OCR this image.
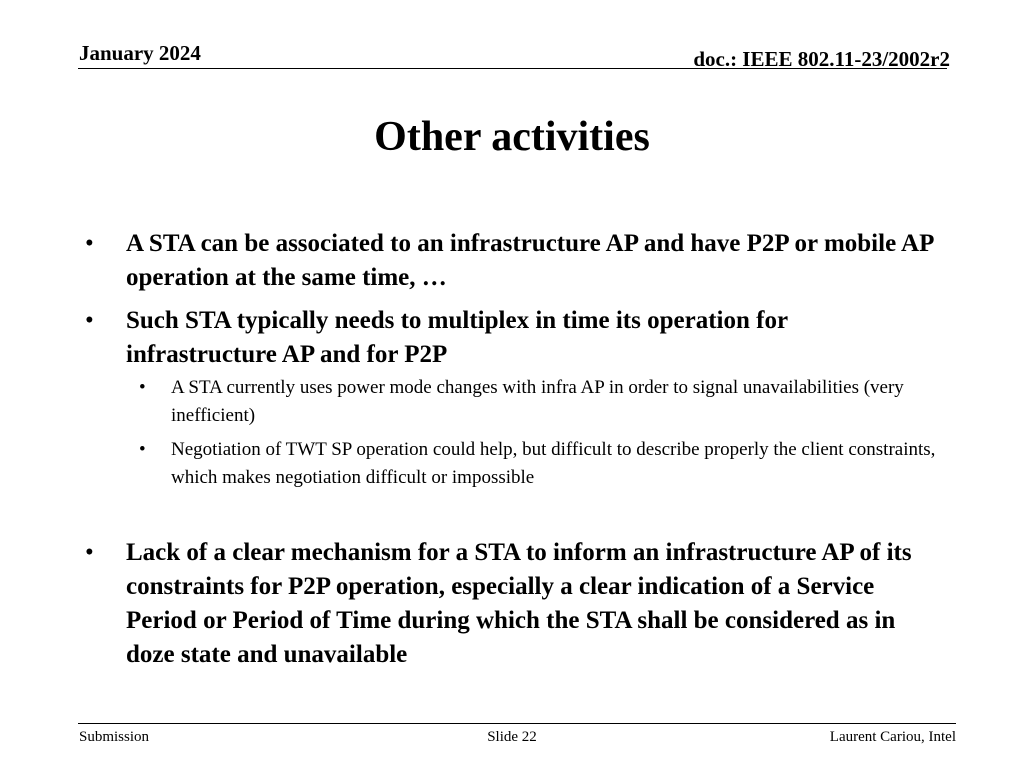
January 2024	doc.: IEEE 802.11-23/2002r2
Other activities
• A STA can be associated to an infrastructure AP and have P2P or mobile AP operation at the same time, …
• Such STA typically needs to multiplex in time its operation for infrastructure AP and for P2P
• A STA currently uses power mode changes with infra AP in order to signal unavailabilities (very inefficient)
• Negotiation of TWT SP operation could help, but difficult to describe properly the client constraints, which makes negotiation difficult or impossible
• Lack of a clear mechanism for a STA to inform an infrastructure AP of its constraints for P2P operation, especially a clear indication of a Service Period or Period of Time during which the STA shall be considered as in doze state and unavailable
Submission	Slide 22	Laurent Cariou, Intel
